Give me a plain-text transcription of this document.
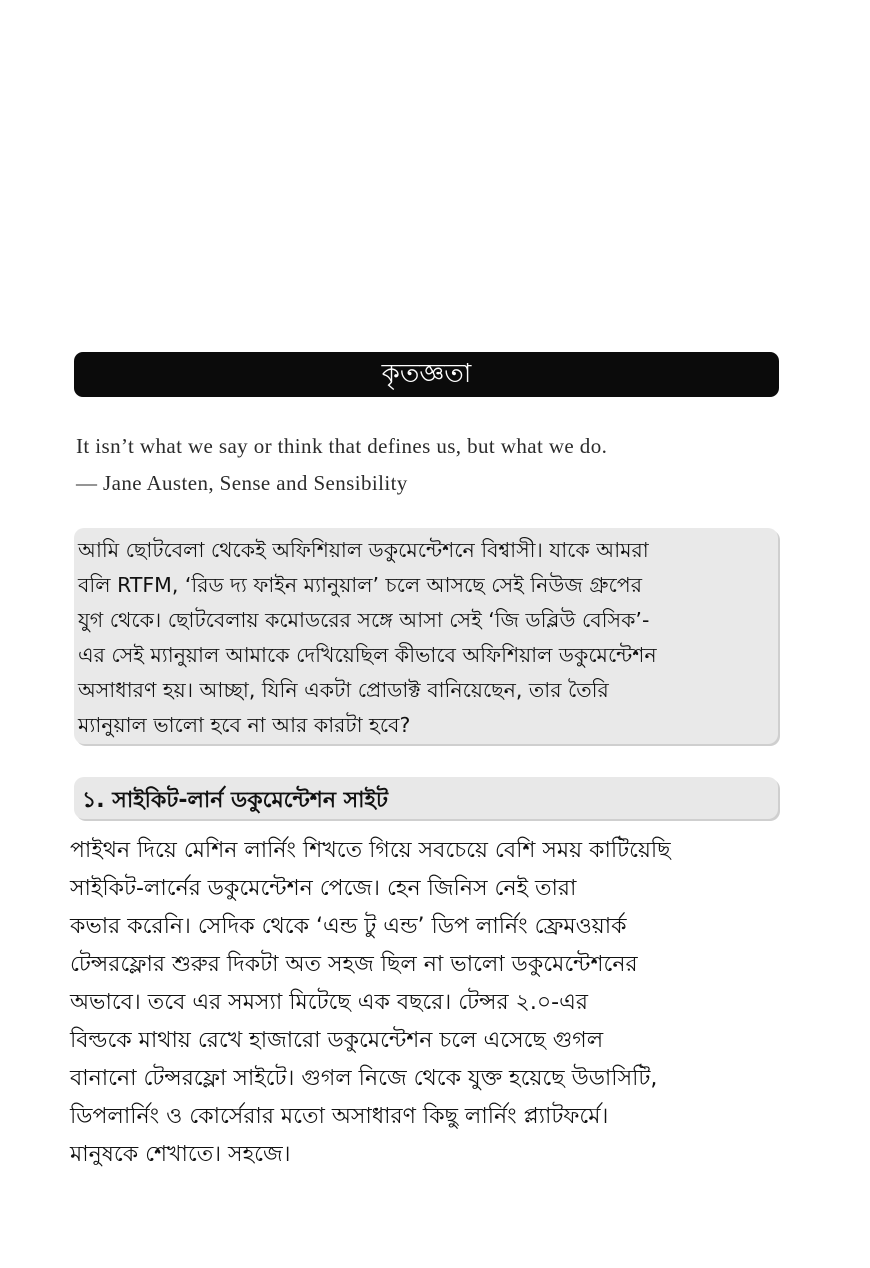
কৃতজ্ঞতা
It isn’t what we say or think that defines us, but what we do.
— Jane Austen, Sense and Sensibility
আমি ছোটবেলা থেকেই অফিশিয়াল ডকুমেন্টেশনে বিশ্বাসী। যাকে আমরা
বলি RTFM, ‘রিড দ্য ফাইন ম্যানুয়াল’ চলে আসছে সেই নিউজ গ্রুপের
যুগ থেকে। ছোটবেলায় কমোডরের সঙ্গে আসা সেই ‘জি ডব্লিউ বেসিক’-
এর সেই ম্যানুয়াল আমাকে দেখিয়েছিল কীভাবে অফিশিয়াল ডকুমেন্টেশন
অসাধারণ হয়। আচ্ছা, যিনি একটা প্রোডাক্ট বানিয়েছেন, তার তৈরি
ম্যানুয়াল ভালো হবে না আর কারটা হবে?
১. সাইকিট-লার্ন ডকুমেন্টেশন সাইট
পাইথন দিয়ে মেশিন লার্নিং শিখতে গিয়ে সবচেয়ে বেশি সময় কাটিয়েছি
সাইকিট-লার্নের ডকুমেন্টেশন পেজে। হেন জিনিস নেই তারা
কভার করেনি। সেদিক থেকে ‘এন্ড টু এন্ড’ ডিপ লার্নিং ফ্রেমওয়ার্ক
টেন্সরফ্লোর শুরুর দিকটা অত সহজ ছিল না ভালো ডকুমেন্টেশনের
অভাবে। তবে এর সমস্যা মিটেছে এক বছরে। টেন্সর ২.০-এর
বিল্ডকে মাথায় রেখে হাজারো ডকুমেন্টেশন চলে এসেছে গুগল
বানানো টেন্সরফ্লো সাইটে। গুগল নিজে থেকে যুক্ত হয়েছে উডাসিটি,
ডিপলার্নিং ও কোর্সেরার মতো অসাধারণ কিছু লার্নিং প্ল্যাটফর্মে।
মানুষকে শেখাতে। সহজে।
